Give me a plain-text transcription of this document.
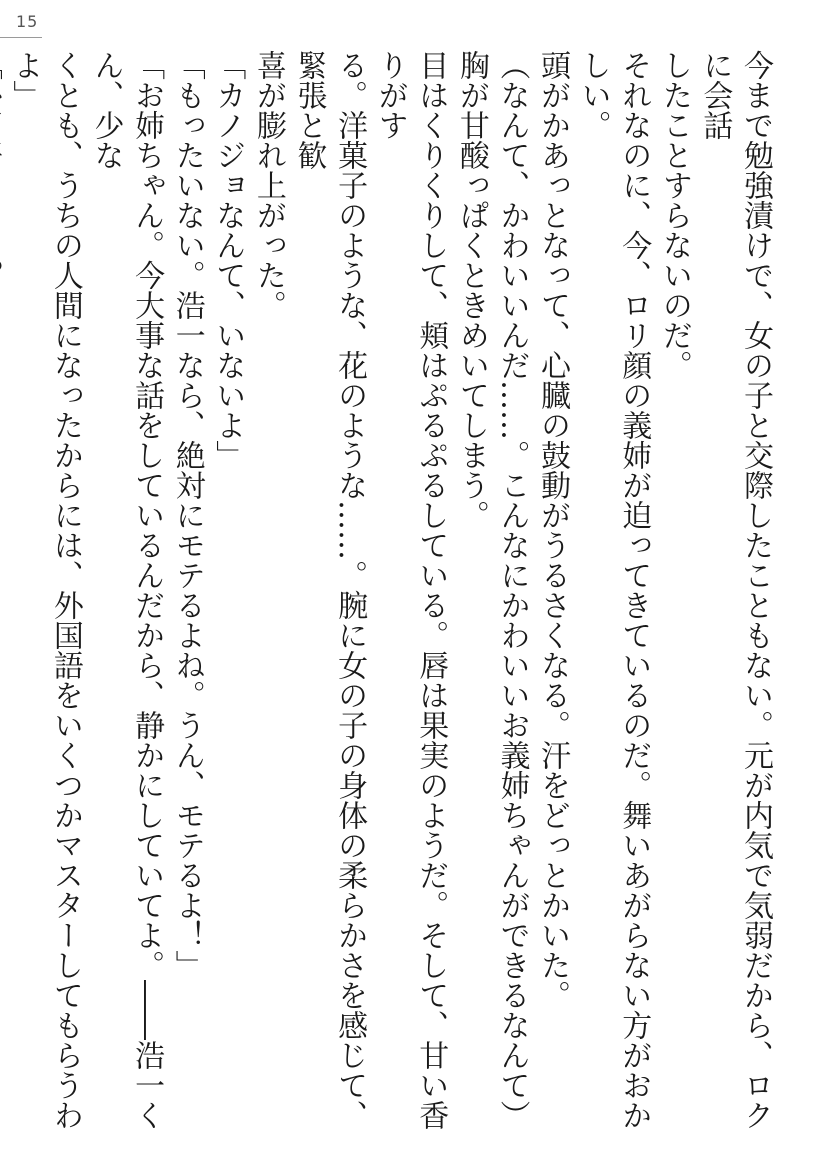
15

今まで勉強漬けで、女の子と交際したこともない。元が内気で気弱だから、ロクに会話

したことすらないのだ。

それなのに、今、ロリ顔の義姉が迫ってきているのだ。舞いあがらない方がおかしい。

頭がかあっとなって、心臓の鼓動がうるさくなる。汗をどっとかいた。

（なんて、かわいいんだ……。こんなにかわいいお義姉ちゃんができるなんて）

胸が甘酸っぱくときめいてしまう。

目はくりくりして、頬はぷるぷるしている。唇は果実のようだ。そして、甘い香りがす

る。洋菓子のような、花のような……。腕に女の子の身体の柔らかさを感じて、緊張と歓

喜が膨れ上がった。

「カノジョなんて、いないよ」

「もったいない。浩一なら、絶対にモテるよね。うん、モテるよ！」

「お姉ちゃん。今大事な話をしているんだから、静かにしていてよ。――浩一くん、少な

くとも、うちの人間になったからには、外国語をいくつかマスターしてもらうわよ」
